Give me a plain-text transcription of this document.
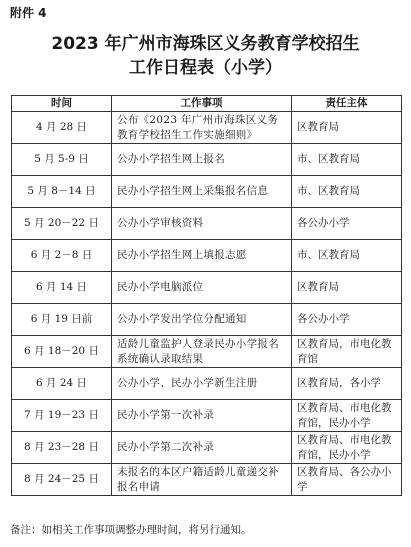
附件 4
2023 年广州市海珠区义务教育学校招生
工作日程表（小学）
时间	工作事项	责任主体
4 月 28 日	公布《2023 年广州市海珠区义务教育学校招生工作实施细则》	区教育局
5 月 5-9 日	公办小学招生网上报名	市、区教育局
5 月 8－14 日	民办小学招生网上采集报名信息	市、区教育局
5 月 20－22 日	公办小学审核资料	各公办小学
6 月 2－8 日	民办小学招生网上填报志愿	市、区教育局
6 月 14 日	民办小学电脑派位	区教育局
6 月 19 日前	公办小学发出学位分配通知	各公办小学
6 月 18－20 日	适龄儿童监护人登录民办小学报名系统确认录取结果	区教育局，市电化教育馆
6 月 24 日	公办小学、民办小学新生注册	区教育局，各小学
7 月 19－23 日	民办小学第一次补录	区教育局、市电化教育馆，民办小学
8 月 23－28 日	民办小学第二次补录	区教育局、市电化教育馆，民办小学
8 月 24－25 日	未报名的本区户籍适龄儿童递交补报名申请	区教育局、各公办小学
备注：如相关工作事项调整办理时间，将另行通知。
